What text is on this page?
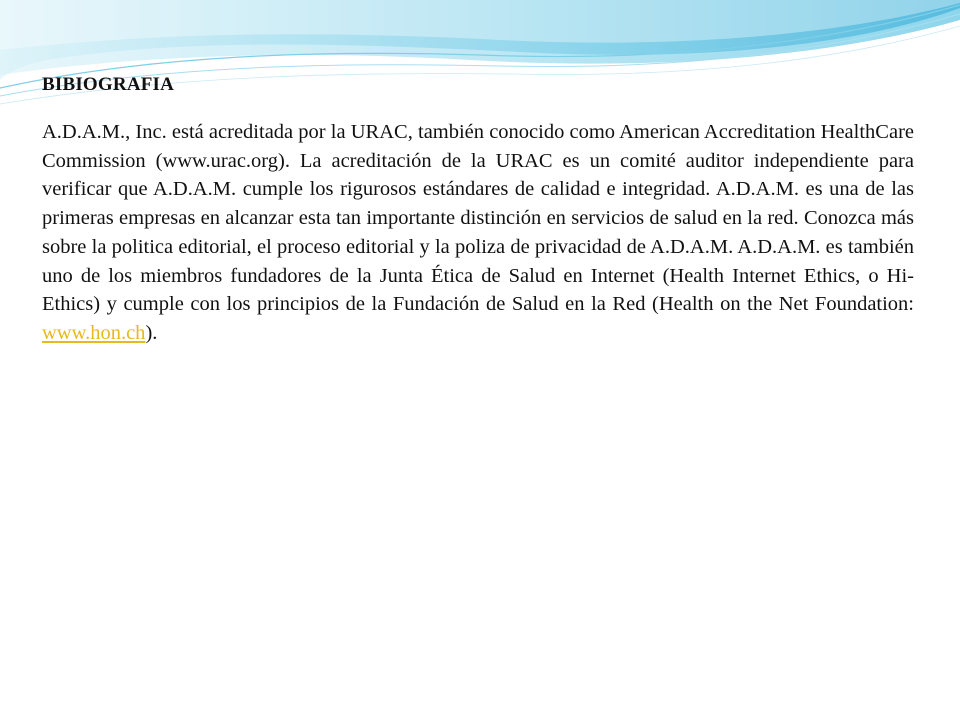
BIBIOGRAFIA

A.D.A.M., Inc. está acreditada por la URAC, también conocido como American Accreditation HealthCare Commission (www.urac.org). La acreditación de la URAC es un comité auditor independiente para verificar que A.D.A.M. cumple los rigurosos estándares de calidad e integridad. A.D.A.M. es una de las primeras empresas en alcanzar esta tan importante distinción en servicios de salud en la red. Conozca más sobre la politica editorial, el proceso editorial y la poliza de privacidad de A.D.A.M. A.D.A.M. es también uno de los miembros fundadores de la Junta Ética de Salud en Internet (Health Internet Ethics, o Hi-Ethics) y cumple con los principios de la Fundación de Salud en la Red (Health on the Net Foundation: www.hon.ch).
